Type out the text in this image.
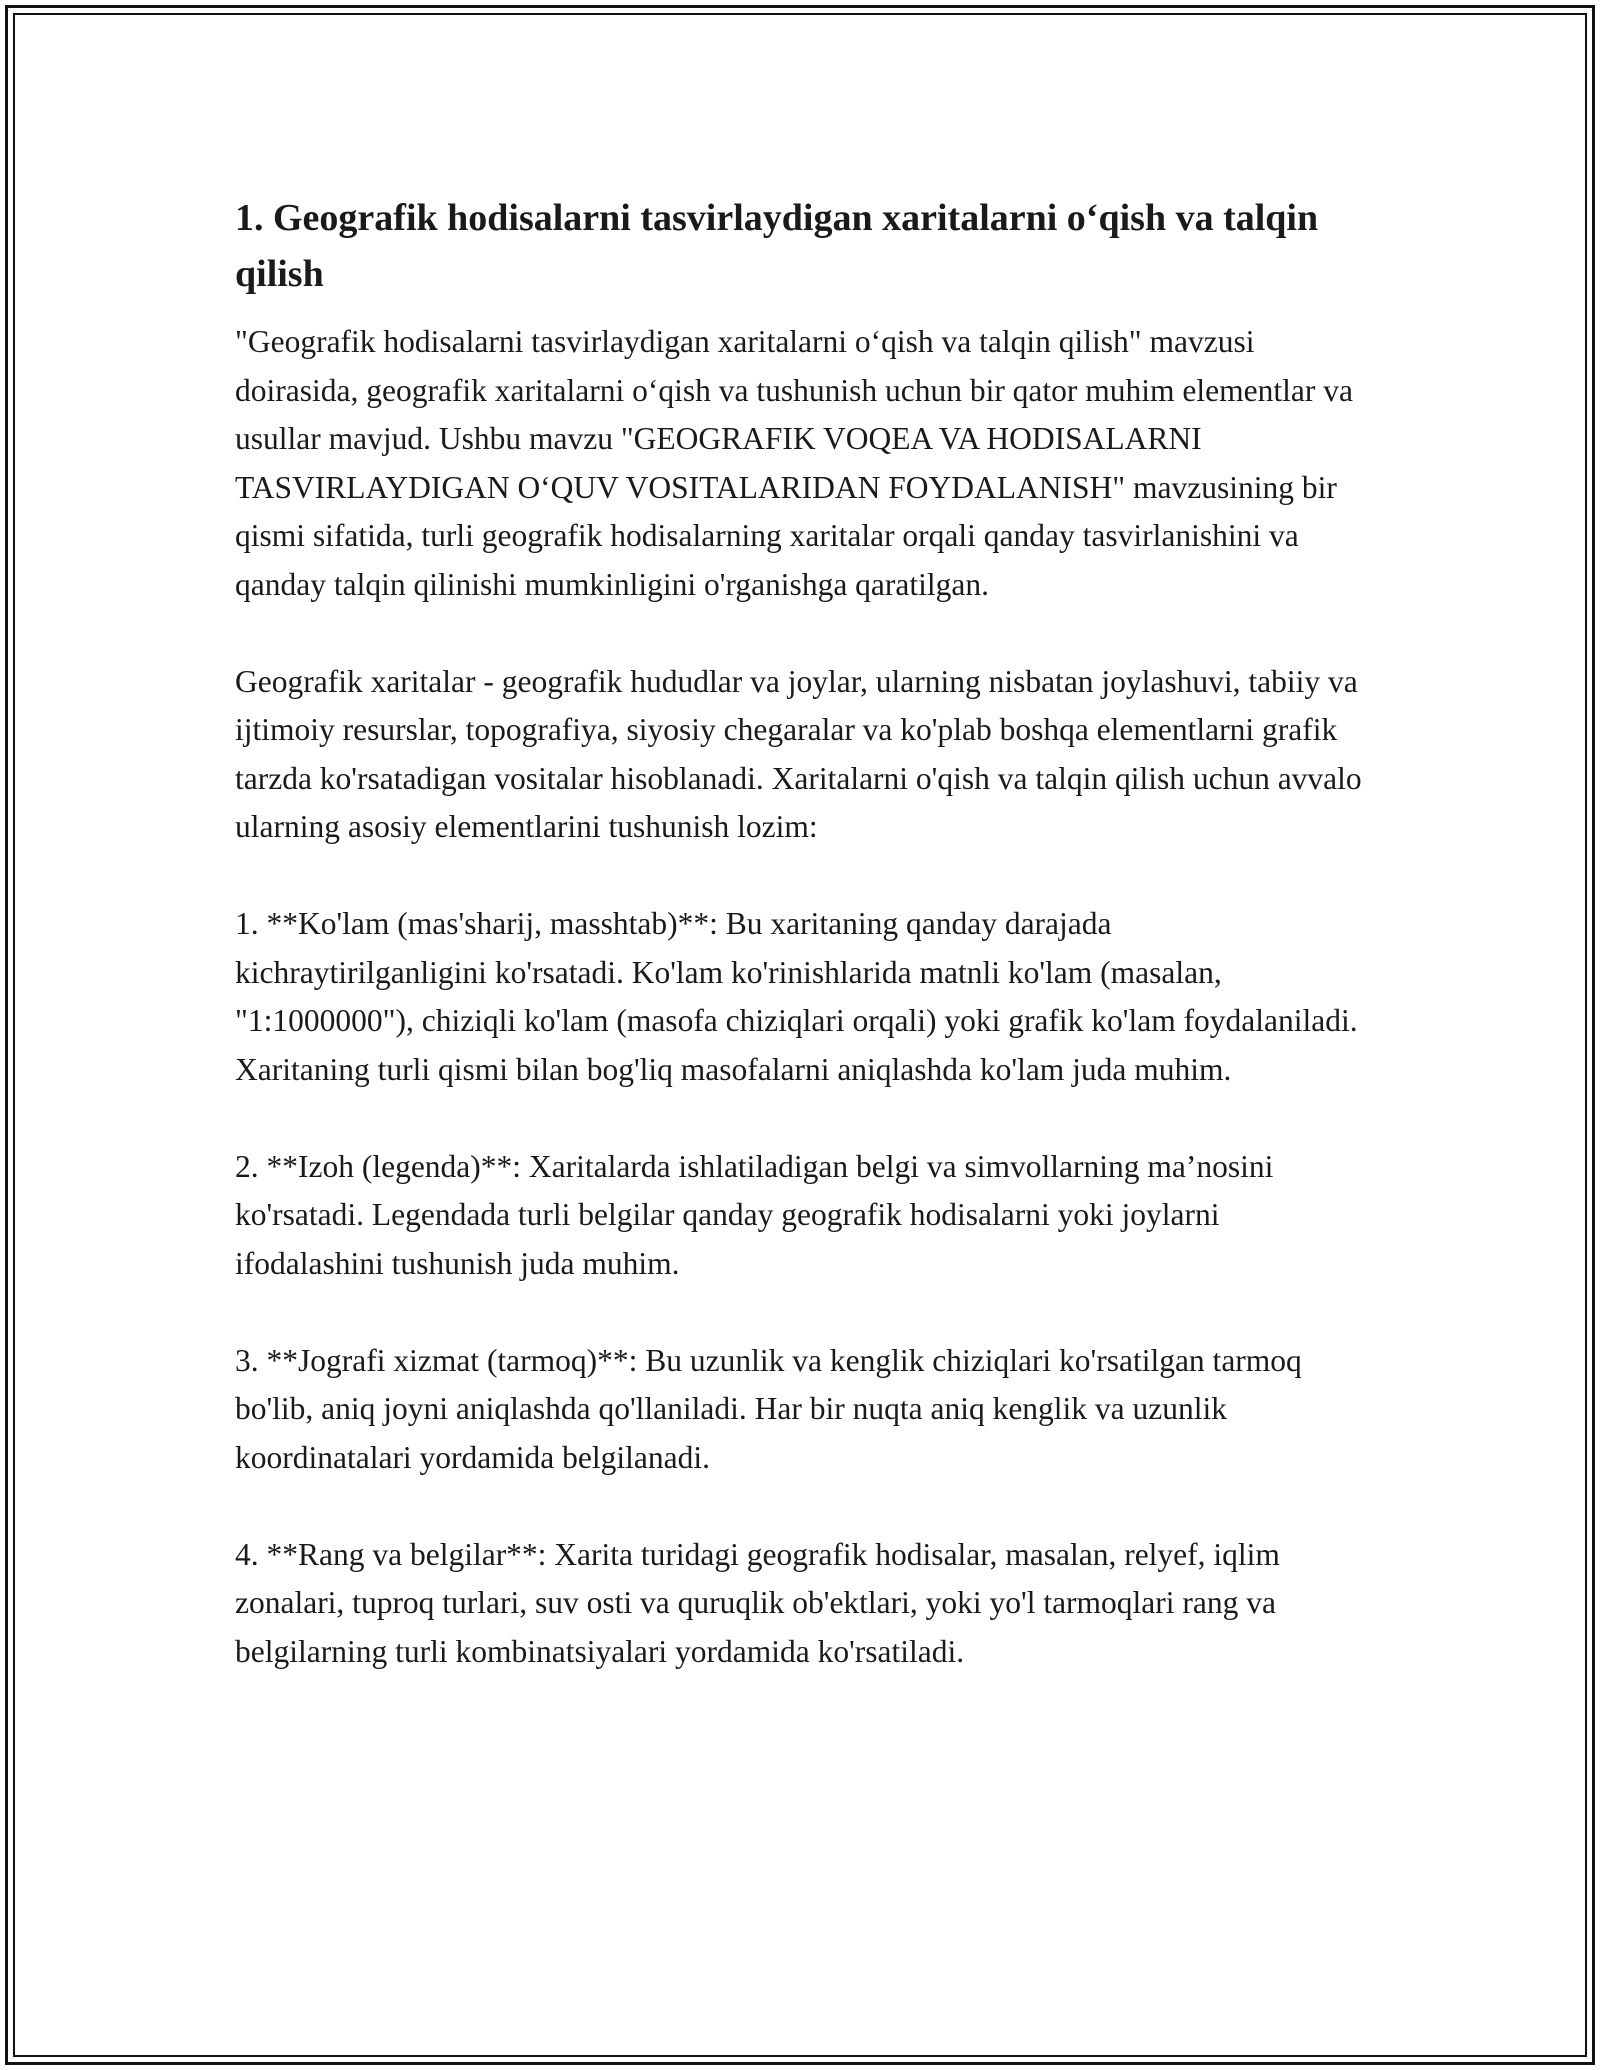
1. Geografik hodisalarni tasvirlaydigan xaritalarni o‘qish va talqin qilish

"Geografik hodisalarni tasvirlaydigan xaritalarni o‘qish va talqin qilish" mavzusi doirasida, geografik xaritalarni o‘qish va tushunish uchun bir qator muhim elementlar va usullar mavjud. Ushbu mavzu "GEOGRAFIK VOQEA VA HODISALARNI TASVIRLAYDIGAN O‘QUV VOSITALARIDAN FOYDALANISH" mavzusining bir qismi sifatida, turli geografik hodisalarning xaritalar orqali qanday tasvirlanishini va qanday talqin qilinishi mumkinligini o'rganishga qaratilgan.

Geografik xaritalar - geografik hududlar va joylar, ularning nisbatan joylashuvi, tabiiy va ijtimoiy resurslar, topografiya, siyosiy chegaralar va ko'plab boshqa elementlarni grafik tarzda ko'rsatadigan vositalar hisoblanadi. Xaritalarni o'qish va talqin qilish uchun avvalo ularning asosiy elementlarini tushunish lozim:

1. **Ko'lam (mas'sharij, masshtab)**: Bu xaritaning qanday darajada kichraytirilganligini ko'rsatadi. Ko'lam ko'rinishlarida matnli ko'lam (masalan, "1:1000000"), chiziqli ko'lam (masofa chiziqlari orqali) yoki grafik ko'lam foydalaniladi. Xaritaning turli qismi bilan bog'liq masofalarni aniqlashda ko'lam juda muhim.

2. **Izoh (legenda)**: Xaritalarda ishlatiladigan belgi va simvollarning ma’nosini ko'rsatadi. Legendada turli belgilar qanday geografik hodisalarni yoki joylarni ifodalashini tushunish juda muhim.

3. **Jografi xizmat (tarmoq)**: Bu uzunlik va kenglik chiziqlari ko'rsatilgan tarmoq bo'lib, aniq joyni aniqlashda qo'llaniladi. Har bir nuqta aniq kenglik va uzunlik koordinatalari yordamida belgilanadi.

4. **Rang va belgilar**: Xarita turidagi geografik hodisalar, masalan, relyef, iqlim zonalari, tuproq turlari, suv osti va quruqlik ob'ektlari, yoki yo'l tarmoqlari rang va belgilarning turli kombinatsiyalari yordamida ko'rsatiladi.
